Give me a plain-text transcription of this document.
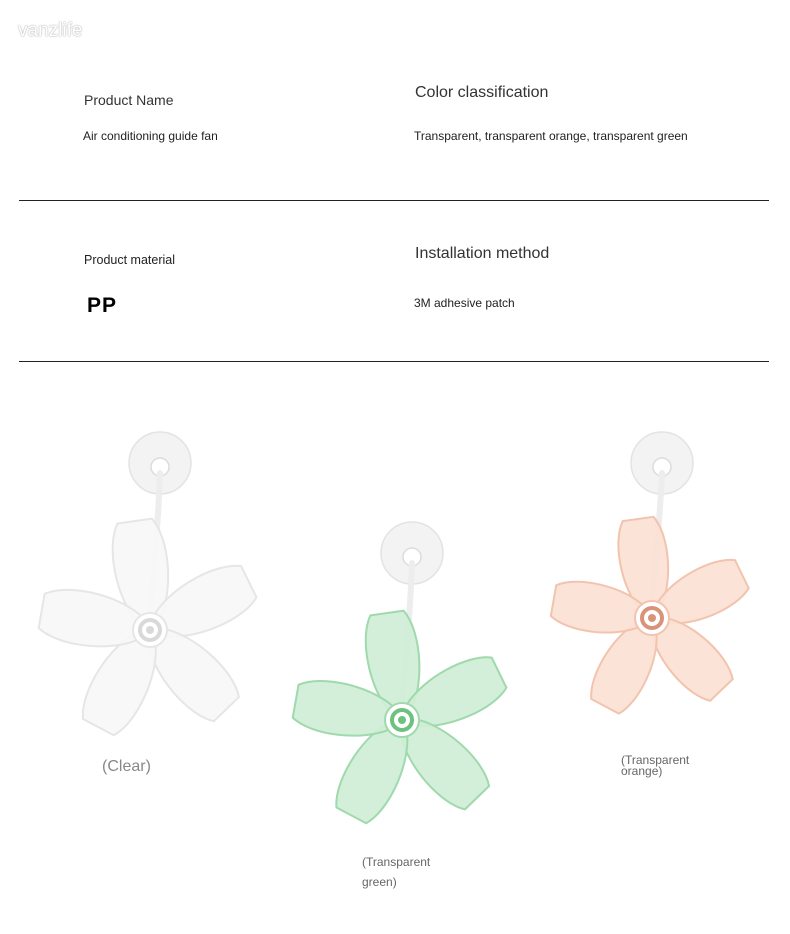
vanzlife
Product Name
Air conditioning guide fan
Color classification
Transparent, transparent orange, transparent green
Product material
PP
Installation method
3M adhesive patch
(Clear)
(Transparent
green)
(Transparent
orange)
